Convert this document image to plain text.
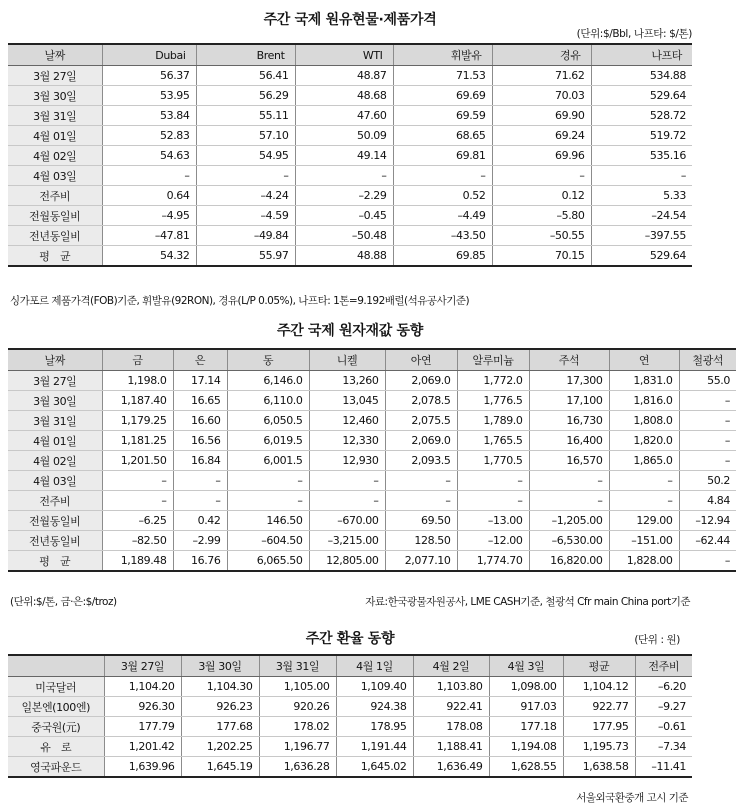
주간 국제 원유현물·제품가격
(단위:$/Bbl, 나프타: $/톤)
날짜	Dubai	Brent	WTI	휘발유	경유	나프타
3월 27일	56.37	56.41	48.87	71.53	71.62	534.88
3월 30일	53.95	56.29	48.68	69.69	70.03	529.64
3월 31일	53.84	55.11	47.60	69.59	69.90	528.72
4월 01일	52.83	57.10	50.09	68.65	69.24	519.72
4월 02일	54.63	54.95	49.14	69.81	69.96	535.16
4월 03일	–	–	–	–	–	–
전주비	0.64	–4.24	–2.29	0.52	0.12	5.33
전월동일비	–4.95	–4.59	–0.45	–4.49	–5.80	–24.54
전년동일비	–47.81	–49.84	–50.48	–43.50	–50.55	–397.55
평　균	54.32	55.97	48.88	69.85	70.15	529.64
싱가포르 제품가격(FOB)기준, 휘발유(92RON), 경유(L/P 0.05%), 나프타: 1톤=9.192배럴(석유공사기준)
주간 국제 원자재값 동향
날짜	금	은	동	니켈	아연	알루미늄	주석	연	철광석
3월 27일	1,198.0	17.14	6,146.0	13,260	2,069.0	1,772.0	17,300	1,831.0	55.0
3월 30일	1,187.40	16.65	6,110.0	13,045	2,078.5	1,776.5	17,100	1,816.0	–
3월 31일	1,179.25	16.60	6,050.5	12,460	2,075.5	1,789.0	16,730	1,808.0	–
4월 01일	1,181.25	16.56	6,019.5	12,330	2,069.0	1,765.5	16,400	1,820.0	–
4월 02일	1,201.50	16.84	6,001.5	12,930	2,093.5	1,770.5	16,570	1,865.0	–
4월 03일	–	–	–	–	–	–	–	–	50.2
전주비	–	–	–	–	–	–	–	–	4.84
전월동일비	–6.25	0.42	146.50	–670.00	69.50	–13.00	–1,205.00	129.00	–12.94
전년동일비	–82.50	–2.99	–604.50	–3,215.00	128.50	–12.00	–6,530.00	–151.00	–62.44
평　균	1,189.48	16.76	6,065.50	12,805.00	2,077.10	1,774.70	16,820.00	1,828.00	–
(단위:$/톤, 금·은:$/troz)	자료:한국광물자원공사, LME CASH기준, 철광석 Cfr main China port기준
주간 환율 동향	(단위 : 원)
	3월 27일	3월 30일	3월 31일	4월 1일	4월 2일	4월 3일	평균	전주비
미국달러	1,104.20	1,104.30	1,105.00	1,109.40	1,103.80	1,098.00	1,104.12	–6.20
일본엔(100엔)	926.30	926.23	920.26	924.38	922.41	917.03	922.77	–9.27
중국원(元)	177.79	177.68	178.02	178.95	178.08	177.18	177.95	–0.61
유　로	1,201.42	1,202.25	1,196.77	1,191.44	1,188.41	1,194.08	1,195.73	–7.34
영국파운드	1,639.96	1,645.19	1,636.28	1,645.02	1,636.49	1,628.55	1,638.58	–11.41
서울외국환중개 고시 기준
